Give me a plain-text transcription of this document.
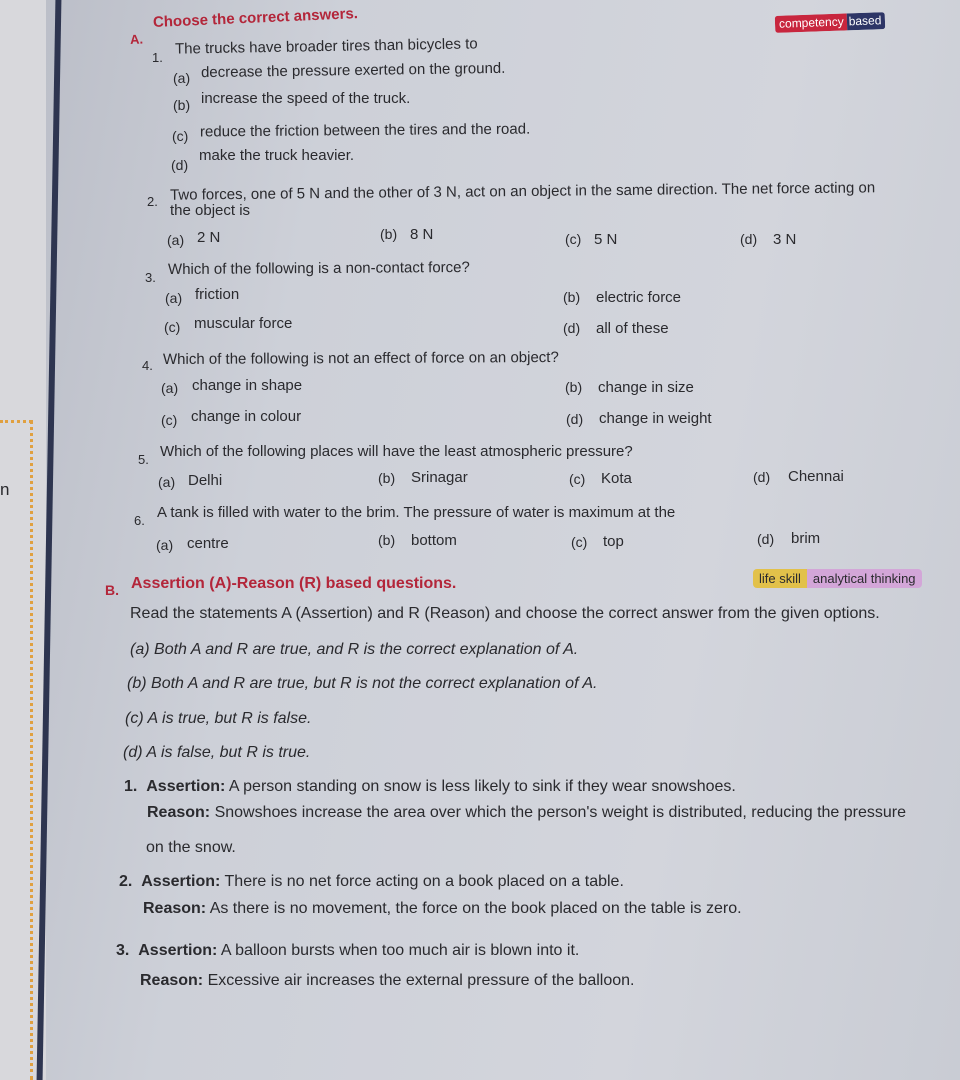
n
A.
Choose the correct answers.	competency based
1. The trucks have broader tires than bicycles to
(a) decrease the pressure exerted on the ground.
(b) increase the speed of the truck.
(c) reduce the friction between the tires and the road.
(d)
make the truck heavier.
2. Two forces, one of 5 N and the other of 3 N, act on an object in the same direction. The net force acting on
the object is
(a) 2 N	(b) 8 N	(c) 5 N	(d) 3 N
3. Which of the following is a non-contact force?
(a) friction	(b) electric force
(c) muscular force	(d) all of these
4. Which of the following is not an effect of force on an object?
(a) change in shape	(b) change in size
(c) change in colour	(d) change in weight
5. Which of the following places will have the least atmospheric pressure?
(a) Delhi	(b) Srinagar	(c) Kota	(d) Chennai
6. A tank is filled with water to the brim. The pressure of water is maximum at the
(a) centre	(b) bottom	(c) top	(d) brim
B. Assertion (A)-Reason (R) based questions.	life skill analytical thinking
Read the statements A (Assertion) and R (Reason) and choose the correct answer from the given options.
(a) Both A and R are true, and R is the correct explanation of A.
(b) Both A and R are true, but R is not the correct explanation of A.
(c) A is true, but R is false.
(d) A is false, but R is true.
1. Assertion: A person standing on snow is less likely to sink if they wear snowshoes.
Reason: Snowshoes increase the area over which the person's weight is distributed, reducing the pressure
on the snow.
2. Assertion: There is no net force acting on a book placed on a table.
Reason: As there is no movement, the force on the book placed on the table is zero.
3. Assertion: A balloon bursts when too much air is blown into it.
Reason: Excessive air increases the external pressure of the balloon.
